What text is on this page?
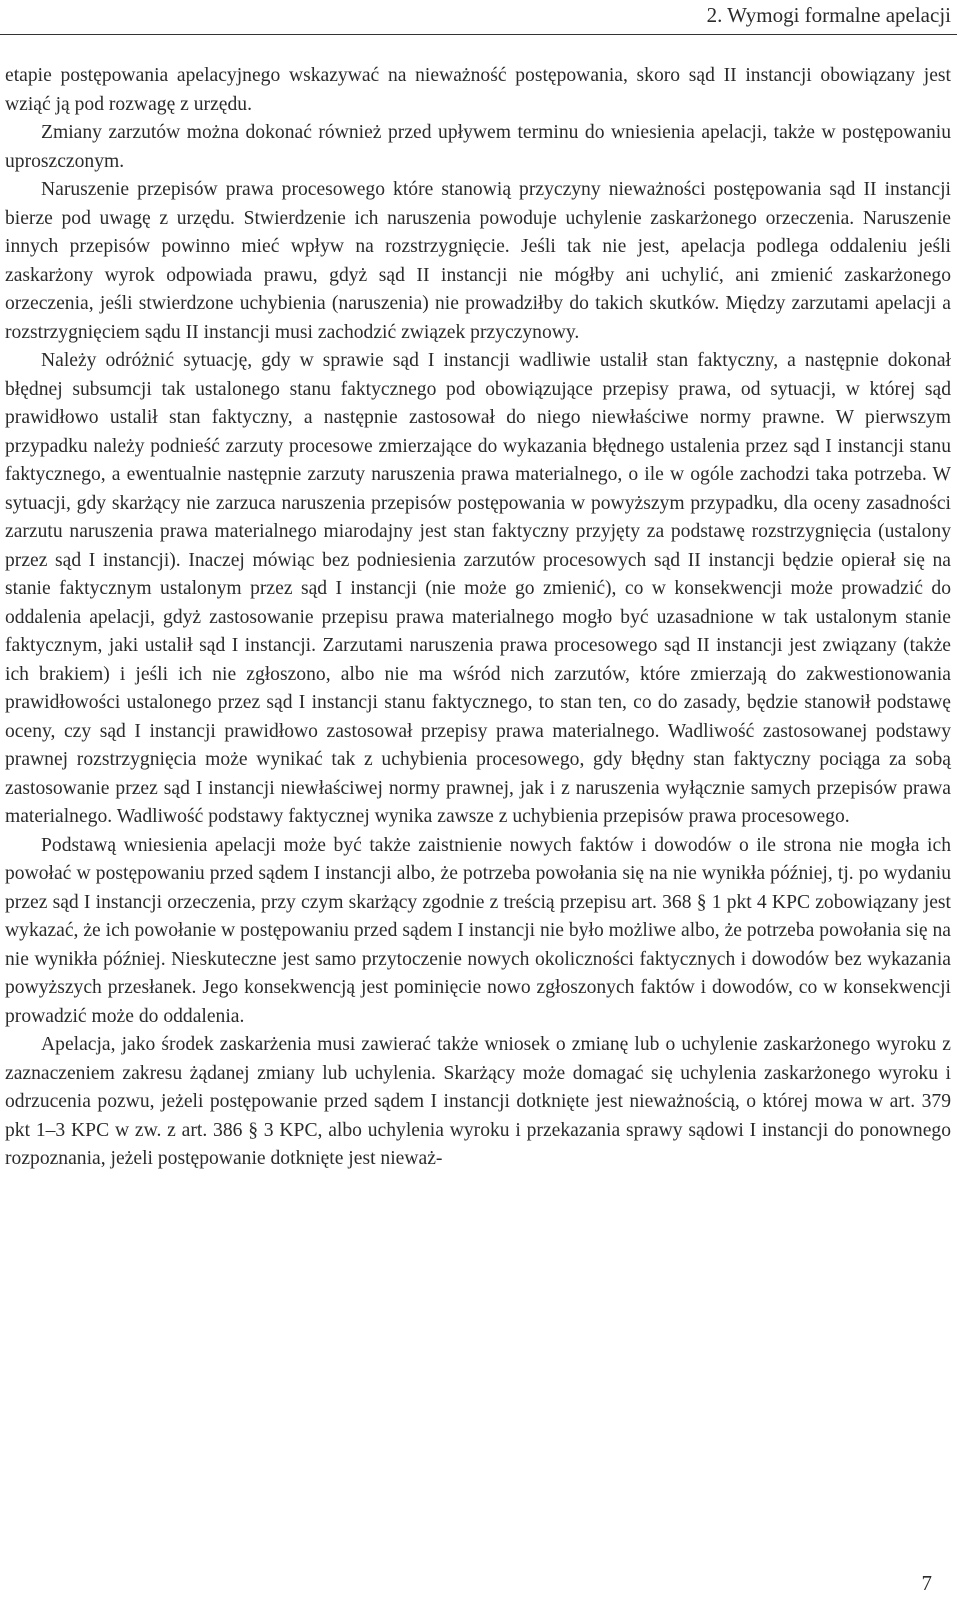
2. Wymogi formalne apelacji

etapie postępowania apelacyjnego wskazywać na nieważność postępowania, skoro sąd II instancji obowiązany jest wziąć ją pod rozwagę z urzędu.

Zmiany zarzutów można dokonać również przed upływem terminu do wniesienia apelacji, także w postępowaniu uproszczonym.

Naruszenie przepisów prawa procesowego które stanowią przyczyny nieważności postępowania sąd II instancji bierze pod uwagę z urzędu. Stwierdzenie ich naruszenia powoduje uchylenie zaskarżonego orzeczenia. Naruszenie innych przepisów powinno mieć wpływ na rozstrzygnięcie. Jeśli tak nie jest, apelacja podlega oddaleniu jeśli zaskarżony wyrok odpowiada prawu, gdyż sąd II instancji nie mógłby ani uchylić, ani zmienić zaskarżonego orzeczenia, jeśli stwierdzone uchybienia (naruszenia) nie prowadziłby do takich skutków. Między zarzutami apelacji a rozstrzygnięciem sądu II instancji musi zachodzić związek przyczynowy.

Należy odróżnić sytuację, gdy w sprawie sąd I instancji wadliwie ustalił stan faktyczny, a następnie dokonał błędnej subsumcji tak ustalonego stanu faktycznego pod obowiązujące przepisy prawa, od sytuacji, w której sąd prawidłowo ustalił stan faktyczny, a następnie zastosował do niego niewłaściwe normy prawne. W pierwszym przypadku należy podnieść zarzuty procesowe zmierzające do wykazania błędnego ustalenia przez sąd I instancji stanu faktycznego, a ewentualnie następnie zarzuty naruszenia prawa materialnego, o ile w ogóle zachodzi taka potrzeba. W sytuacji, gdy skarżący nie zarzuca naruszenia przepisów postępowania w powyższym przypadku, dla oceny zasadności zarzutu naruszenia prawa materialnego miarodajny jest stan faktyczny przyjęty za podstawę rozstrzygnięcia (ustalony przez sąd I instancji). Inaczej mówiąc bez podniesienia zarzutów procesowych sąd II instancji będzie opierał się na stanie faktycznym ustalonym przez sąd I instancji (nie może go zmienić), co w konsekwencji może prowadzić do oddalenia apelacji, gdyż zastosowanie przepisu prawa materialnego mogło być uzasadnione w tak ustalonym stanie faktycznym, jaki ustalił sąd I instancji. Zarzutami naruszenia prawa procesowego sąd II instancji jest związany (także ich brakiem) i jeśli ich nie zgłoszono, albo nie ma wśród nich zarzutów, które zmierzają do zakwestionowania prawidłowości ustalonego przez sąd I instancji stanu faktycznego, to stan ten, co do zasady, będzie stanowił podstawę oceny, czy sąd I instancji prawidłowo zastosował przepisy prawa materialnego. Wadliwość zastosowanej podstawy prawnej rozstrzygnięcia może wynikać tak z uchybienia procesowego, gdy błędny stan faktyczny pociąga za sobą zastosowanie przez sąd I instancji niewłaściwej normy prawnej, jak i z naruszenia wyłącznie samych przepisów prawa materialnego. Wadliwość podstawy faktycznej wynika zawsze z uchybienia przepisów prawa procesowego.

Podstawą wniesienia apelacji może być także zaistnienie nowych faktów i dowodów o ile strona nie mogła ich powołać w postępowaniu przed sądem I instancji albo, że potrzeba powołania się na nie wynikła później, tj. po wydaniu przez sąd I instancji orzeczenia, przy czym skarżący zgodnie z treścią przepisu art. 368 § 1 pkt 4 KPC zobowiązany jest wykazać, że ich powołanie w postępowaniu przed sądem I instancji nie było możliwe albo, że potrzeba powołania się na nie wynikła później. Nieskuteczne jest samo przytoczenie nowych okoliczności faktycznych i dowodów bez wykazania powyższych przesłanek. Jego konsekwencją jest pominięcie nowo zgłoszonych faktów i dowodów, co w konsekwencji prowadzić może do oddalenia.

Apelacja, jako środek zaskarżenia musi zawierać także wniosek o zmianę lub o uchylenie zaskarżonego wyroku z zaznaczeniem zakresu żądanej zmiany lub uchylenia. Skarżący może domagać się uchylenia zaskarżonego wyroku i odrzucenia pozwu, jeżeli postępowanie przed sądem I instancji dotknięte jest nieważnością, o której mowa w art. 379 pkt 1–3 KPC w zw. z art. 386 § 3 KPC, albo uchylenia wyroku i przekazania sprawy sądowi I instancji do ponownego rozpoznania, jeżeli postępowanie dotknięte jest nieważ-

7
